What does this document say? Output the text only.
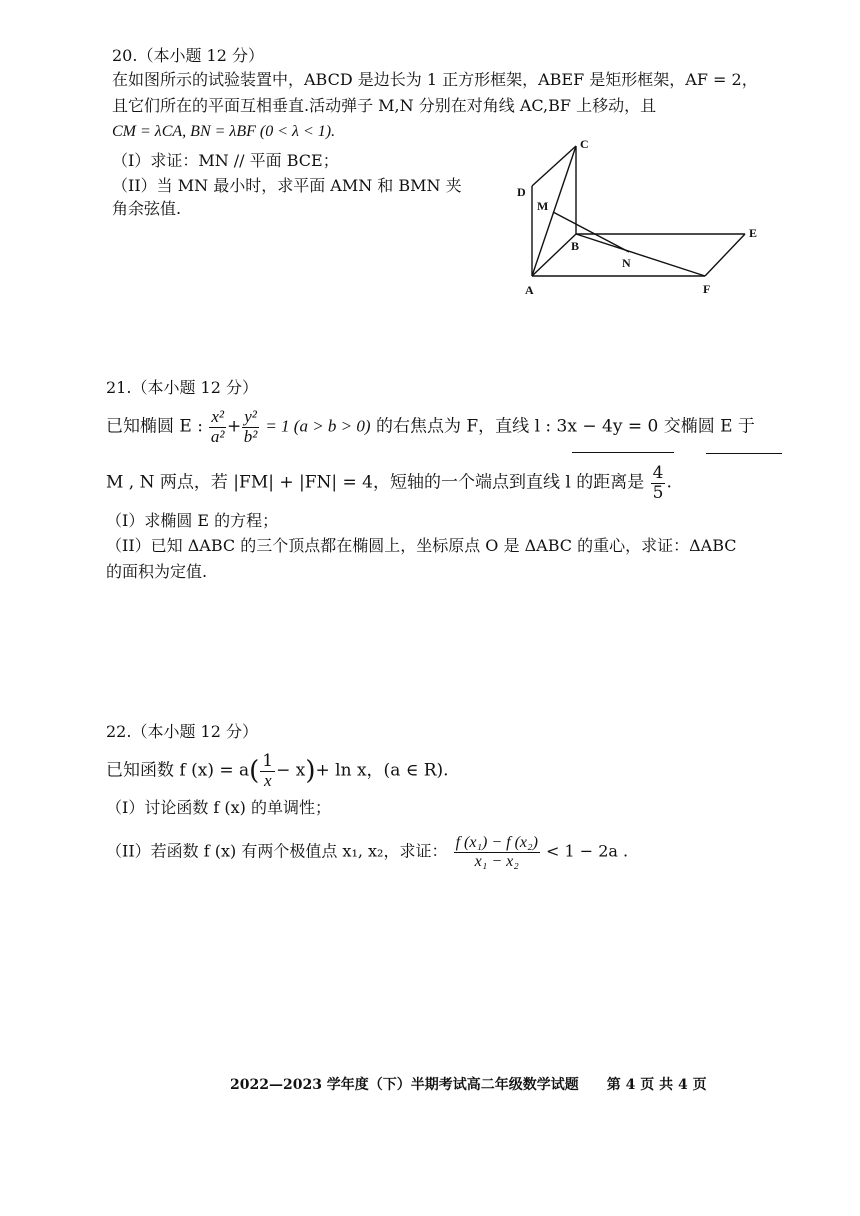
20.（本小题 12 分）
在如图所示的试验装置中，ABCD 是边长为 1 正方形框架，ABEF 是矩形框架，AF = 2，
且它们所在的平面互相垂直.活动弹子 M,N 分别在对角线 AC,BF 上移动，且
CM = λCA, BN = λBF (0 < λ < 1).
（I）求证：MN // 平面 BCE；
（II）当 MN 最小时，求平面 AMN 和 BMN 夹
角余弦值.
C
D
M
B
N
E
A	F
21.（本小题 12 分）
已知椭圆 E : $\frac{\text{x²}}{\text{a²}} + \frac{\text{y²}}{\text{b²}} = 1$ (a > b > 0) 的右焦点为 F，直线 l : 3x − 4y = 0 交椭圆 E 于
M , N 两点，若 |FM| + |FN| = 4，短轴的一个端点到直线 l 的距离是 $\frac{4}{5}$ .
（I）求椭圆 E 的方程；
（II）已知 ΔABC 的三个顶点都在椭圆上，坐标原点 O 是 ΔABC 的重心，求证：ΔABC
的面积为定值.
22.（本小题 12 分）
已知函数 f $(x) = a( \frac{1}{x} - x)+ \ln x$，(a ∈ R).
（I）讨论函数 f (x) 的单调性；
（II）若函数 f (x) 有两个极值点 x₁, x₂，求证： $\frac{\text{f (x₁) − f (x₂)}}{\text{x₁ − x₂}} < 1 - 2a$ .
2022—2023 学年度（下）半期考试高二年级数学试题　　第 4 页 共 4 页
